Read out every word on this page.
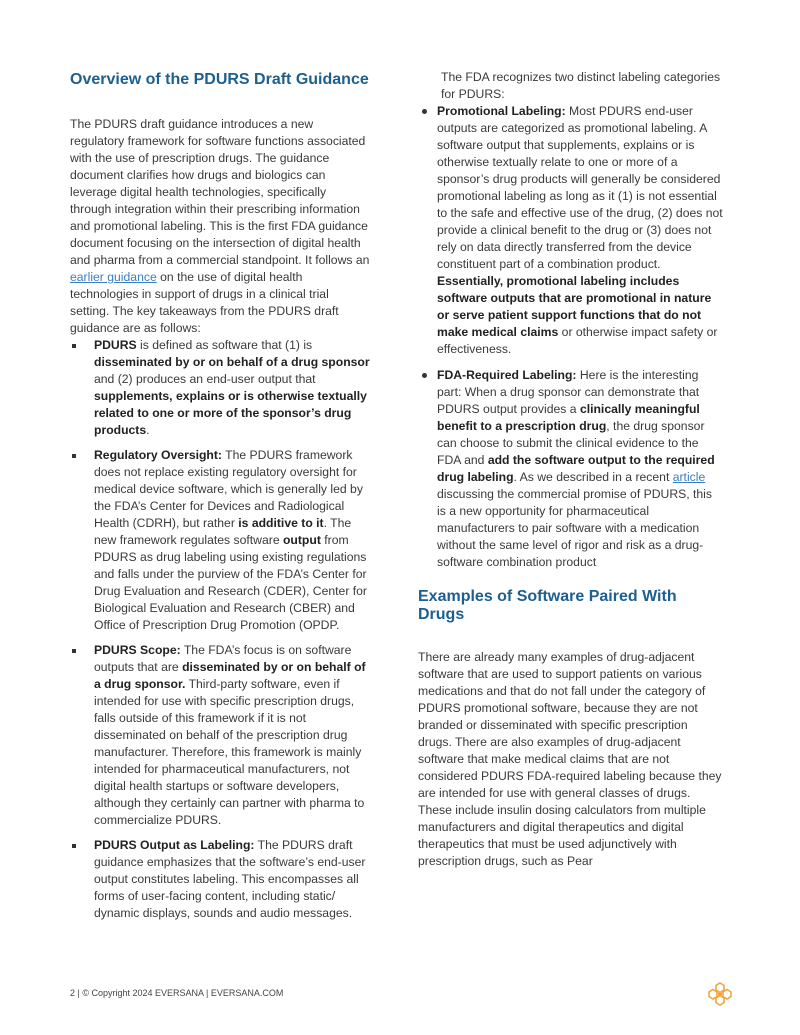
Overview of the PDURS Draft Guidance

The PDURS draft guidance introduces a new regulatory framework for software functions associated with the use of prescription drugs. The guidance document clarifies how drugs and biologics can leverage digital health technologies, specifically through integration within their prescribing information and promotional labeling. This is the first FDA guidance document focusing on the intersection of digital health and pharma from a commercial standpoint. It follows an earlier guidance on the use of digital health technologies in support of drugs in a clinical trial setting. The key takeaways from the PDURS draft guidance are as follows:

PDURS is defined as software that (1) is disseminated by or on behalf of a drug sponsor and (2) produces an end-user output that supplements, explains or is otherwise textually related to one or more of the sponsor’s drug products.
Regulatory Oversight: The PDURS framework does not replace existing regulatory oversight for medical device software, which is generally led by the FDA’s Center for Devices and Radiological Health (CDRH), but rather is additive to it. The new framework regulates software output from PDURS as drug labeling using existing regulations and falls under the purview of the FDA’s Center for Drug Evaluation and Research (CDER), Center for Biological Evaluation and Research (CBER) and Office of Prescription Drug Promotion (OPDP.
PDURS Scope: The FDA’s focus is on software outputs that are disseminated by or on behalf of a drug sponsor. Third-party software, even if intended for use with specific prescription drugs, falls outside of this framework if it is not disseminated on behalf of the prescription drug manufacturer. Therefore, this framework is mainly intended for pharmaceutical manufacturers, not digital health startups or software developers, although they certainly can partner with pharma to commercialize PDURS.
PDURS Output as Labeling: The PDURS draft guidance emphasizes that the software’s end-user output constitutes labeling. This encompasses all forms of user-facing content, including static/ dynamic displays, sounds and audio messages.

The FDA recognizes two distinct labeling categories for PDURS:

Promotional Labeling: Most PDURS end-user outputs are categorized as promotional labeling. A software output that supplements, explains or is otherwise textually relate to one or more of a sponsor’s drug products will generally be considered promotional labeling as long as it (1) is not essential to the safe and effective use of the drug, (2) does not provide a clinical benefit to the drug or (3) does not rely on data directly transferred from the device constituent part of a combination product. Essentially, promotional labeling includes software outputs that are promotional in nature or serve patient support functions that do not make medical claims or otherwise impact safety or effectiveness.
FDA-Required Labeling: Here is the interesting part: When a drug sponsor can demonstrate that PDURS output provides a clinically meaningful benefit to a prescription drug, the drug sponsor can choose to submit the clinical evidence to the FDA and add the software output to the required drug labeling. As we described in a recent article discussing the commercial promise of PDURS, this is a new opportunity for pharmaceutical manufacturers to pair software with a medication without the same level of rigor and risk as a drug-software combination product
Examples of Software Paired With Drugs

There are already many examples of drug-adjacent software that are used to support patients on various medications and that do not fall under the category of PDURS promotional software, because they are not branded or disseminated with specific prescription drugs. There are also examples of drug-adjacent software that make medical claims that are not considered PDURS FDA-required labeling because they are intended for use with general classes of drugs. These include insulin dosing calculators from multiple manufacturers and digital therapeutics and digital therapeutics that must be used adjunctively with prescription drugs, such as Pear

2 | © Copyright 2024 EVERSANA | EVERSANA.COM
